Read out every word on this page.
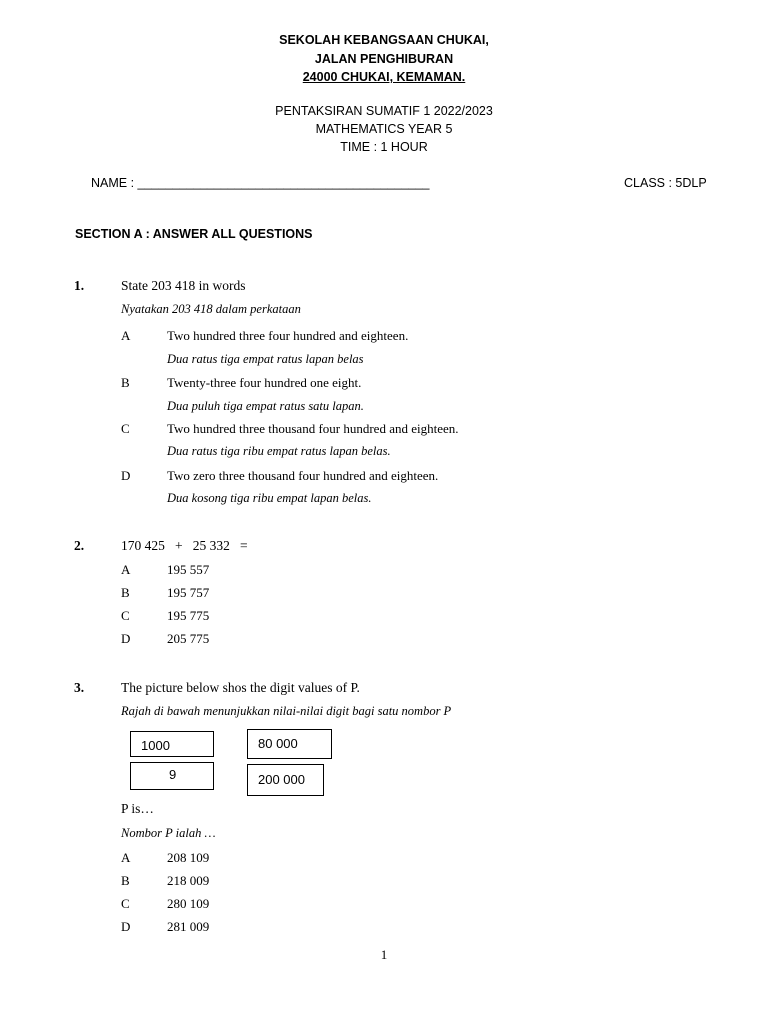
SEKOLAH KEBANGSAAN CHUKAI,
JALAN PENGHIBURAN
24000 CHUKAI, KEMAMAN.
PENTAKSIRAN SUMATIF 1 2022/2023
MATHEMATICS YEAR 5
TIME : 1 HOUR
NAME : __________________________________________	CLASS : 5DLP
SECTION A : ANSWER ALL QUESTIONS
1.	State 203 418 in words
Nyatakan 203 418 dalam perkataan
A	Two hundred three four hundred and eighteen.
Dua ratus tiga empat ratus lapan belas
B	Twenty-three four hundred one eight.
Dua puluh tiga empat ratus satu lapan.
C	Two hundred three thousand four hundred and eighteen.
Dua ratus tiga ribu empat ratus lapan belas.
D	Two zero three thousand four hundred and eighteen.
Dua kosong tiga ribu empat lapan belas.
2.	170 425   +   25 332   =
A	195 557
B	195 757
C	195 775
D	205 775
3.	The picture below shos the digit values of P.
Rajah di bawah menunjukkan nilai-nilai digit bagi satu nombor P
1000	80 000
9	200 000
P is…
Nombor P ialah …
A	208 109
B	218 009
C	280 109
D	281 009
1
